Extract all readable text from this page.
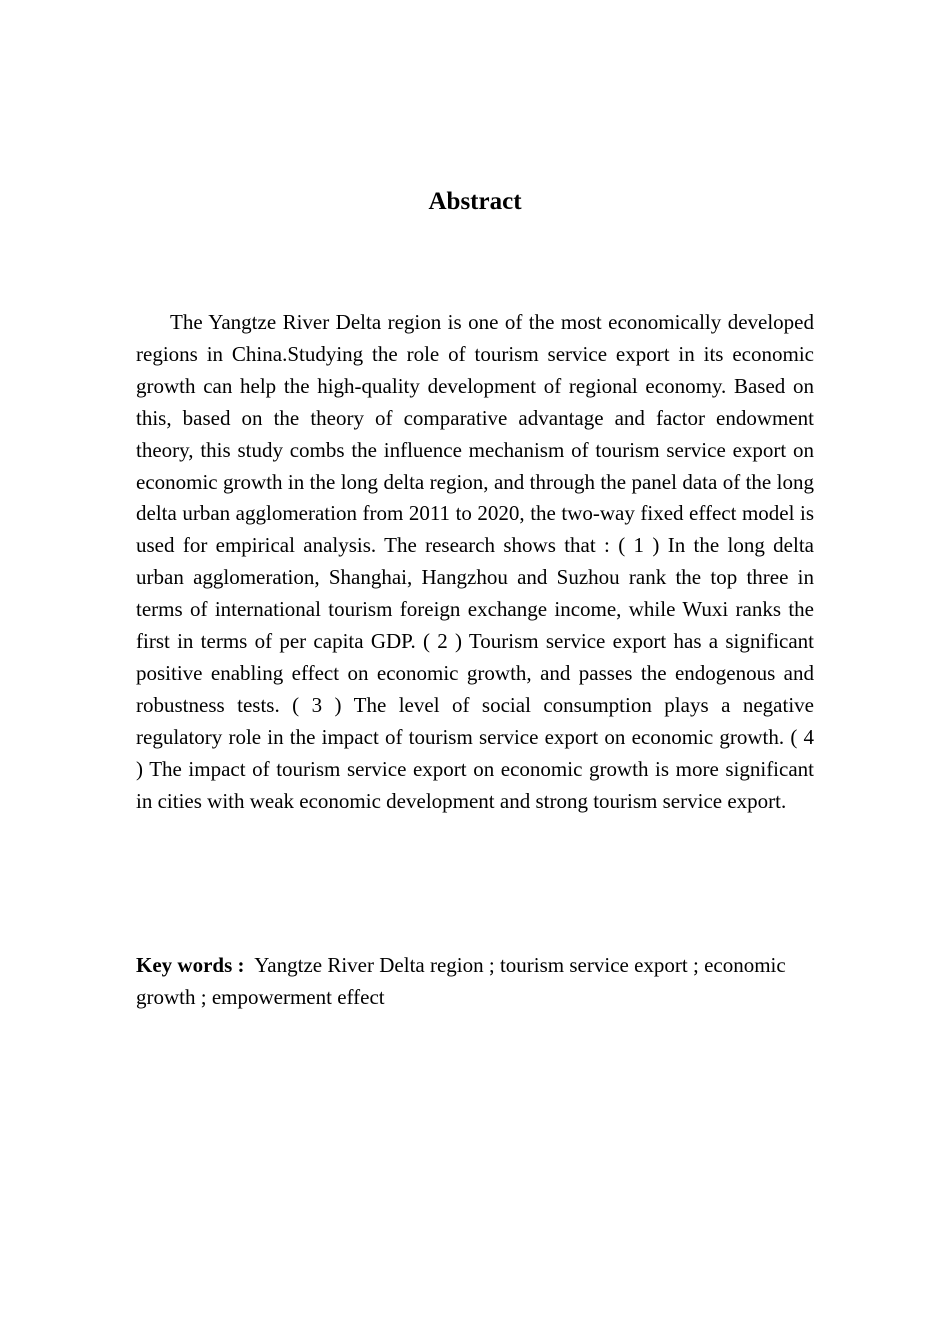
Abstract

The Yangtze River Delta region is one of the most economically developed regions in China.Studying the role of tourism service export in its economic growth can help the high-quality development of regional economy. Based on this, based on the theory of comparative advantage and factor endowment theory, this study combs the influence mechanism of tourism service export on economic growth in the long delta region, and through the panel data of the long delta urban agglomeration from 2011 to 2020, the two-way fixed effect model is used for empirical analysis. The research shows that : ( 1 ) In the long delta urban agglomeration, Shanghai, Hangzhou and Suzhou rank the top three in terms of international tourism foreign exchange income, while Wuxi ranks the first in terms of per capita GDP. ( 2 ) Tourism service export has a significant positive enabling effect on economic growth, and passes the endogenous and robustness tests. ( 3 ) The level of social consumption plays a negative regulatory role in the impact of tourism service export on economic growth. ( 4 ) The impact of tourism service export on economic growth is more significant in cities with weak economic development and strong tourism service export.

Key words : Yangtze River Delta region ; tourism service export ; economic growth ; empowerment effect
